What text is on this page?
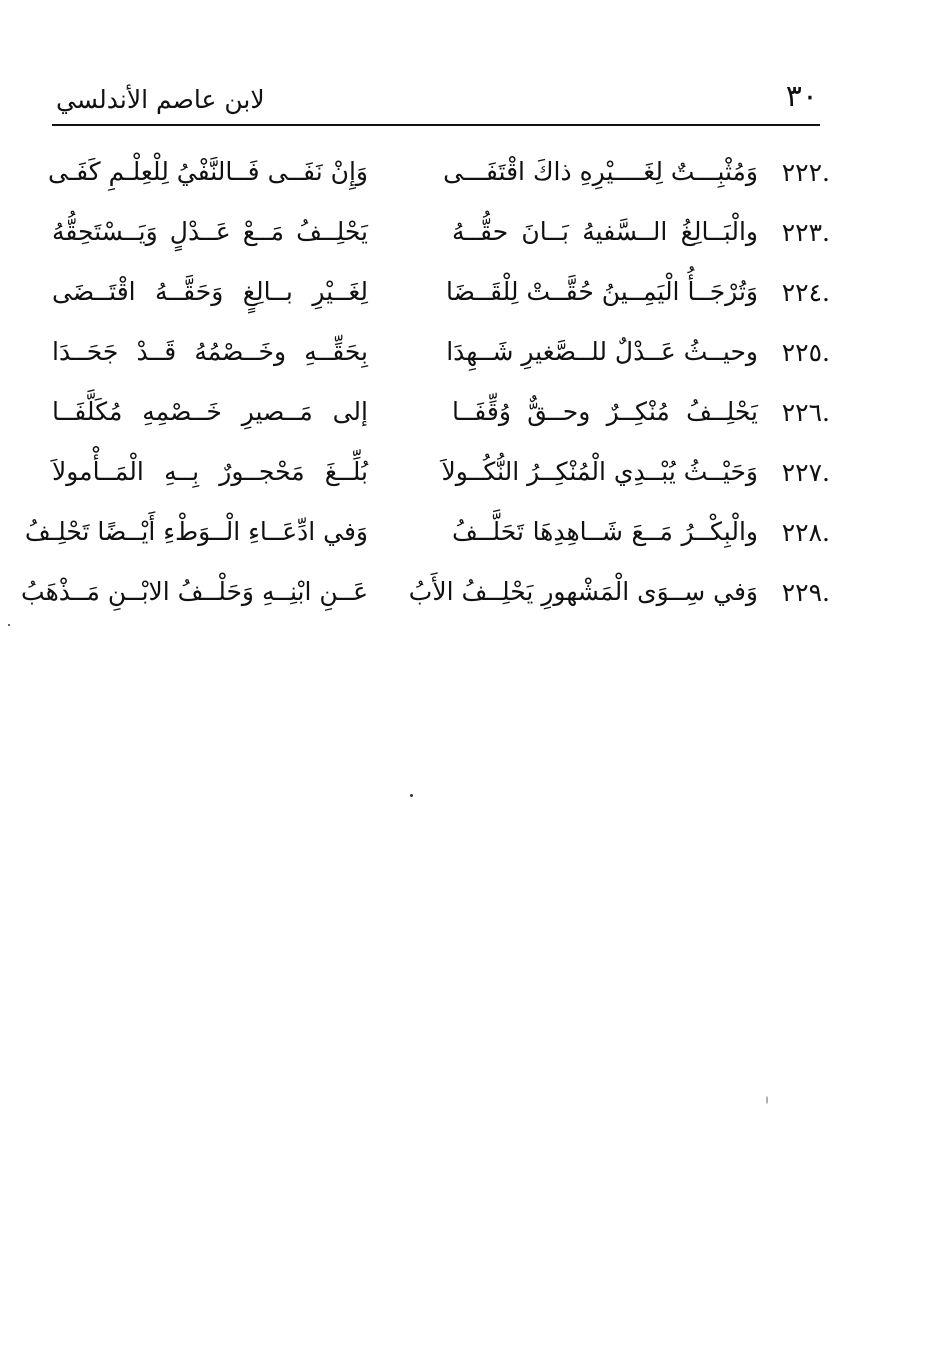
٣٠
لابن عاصم الأندلسي
٢٢٢.
وَمُثْبِـــتٌ لِغَــــيْرِهِ ذاكَ اقْتَفَـــى
وَإِنْ نَفَــى فَــالنَّفْيُ لِلْعِلْـمِ كَفَـى
٢٢٣.
والْبَــالِغُ الــسَّفيهُ بَــانَ حقُّــهُ
يَحْلِــفُ مَــعْ عَــدْلٍ وَيَــسْتَحِقُّهُ
٢٢٤.
وَتُرْجَــأُ الْيَمِــينُ حُقَّــتْ لِلْقَــضَا
لِغَــيْرِ بــالِغٍ وَحَقَّــهُ اقْتَــضَى
٢٢٥.
وحيــثُ عَــدْلٌ للــصَّغيرِ شَــهِدَا
بِحَقِّــهِ وخَــصْمُهُ قَــدْ جَحَــدَا
٢٢٦.
يَحْلِــفُ مُنْكِــرٌ وحــقٌّ وُقِّفَــا
إلى مَــصيرِ خَــصْمِهِ مُكَلَّفَــا
٢٢٧.
وَحَيْــثُ يُبْــدِي الْمُنْكِــرُ النُّكُــولاَ
بُلِّــغَ مَحْجــورٌ بِــهِ الْمَــأْمولاَ
٢٢٨.
والْبِكْــرُ مَــعَ شَــاهِدِهَا تَحَلَّــفُ
وَفي ادِّعَــاءِ الْــوَطْءِ أَيْــضًا تَحْلِـفُ
٢٢٩.
وَفي سِــوَى الْمَشْهورِ يَحْلِــفُ الأَبُ
عَــنِ ابْنِــهِ وَحَلْــفُ الابْــنِ مَــذْهَبُ
